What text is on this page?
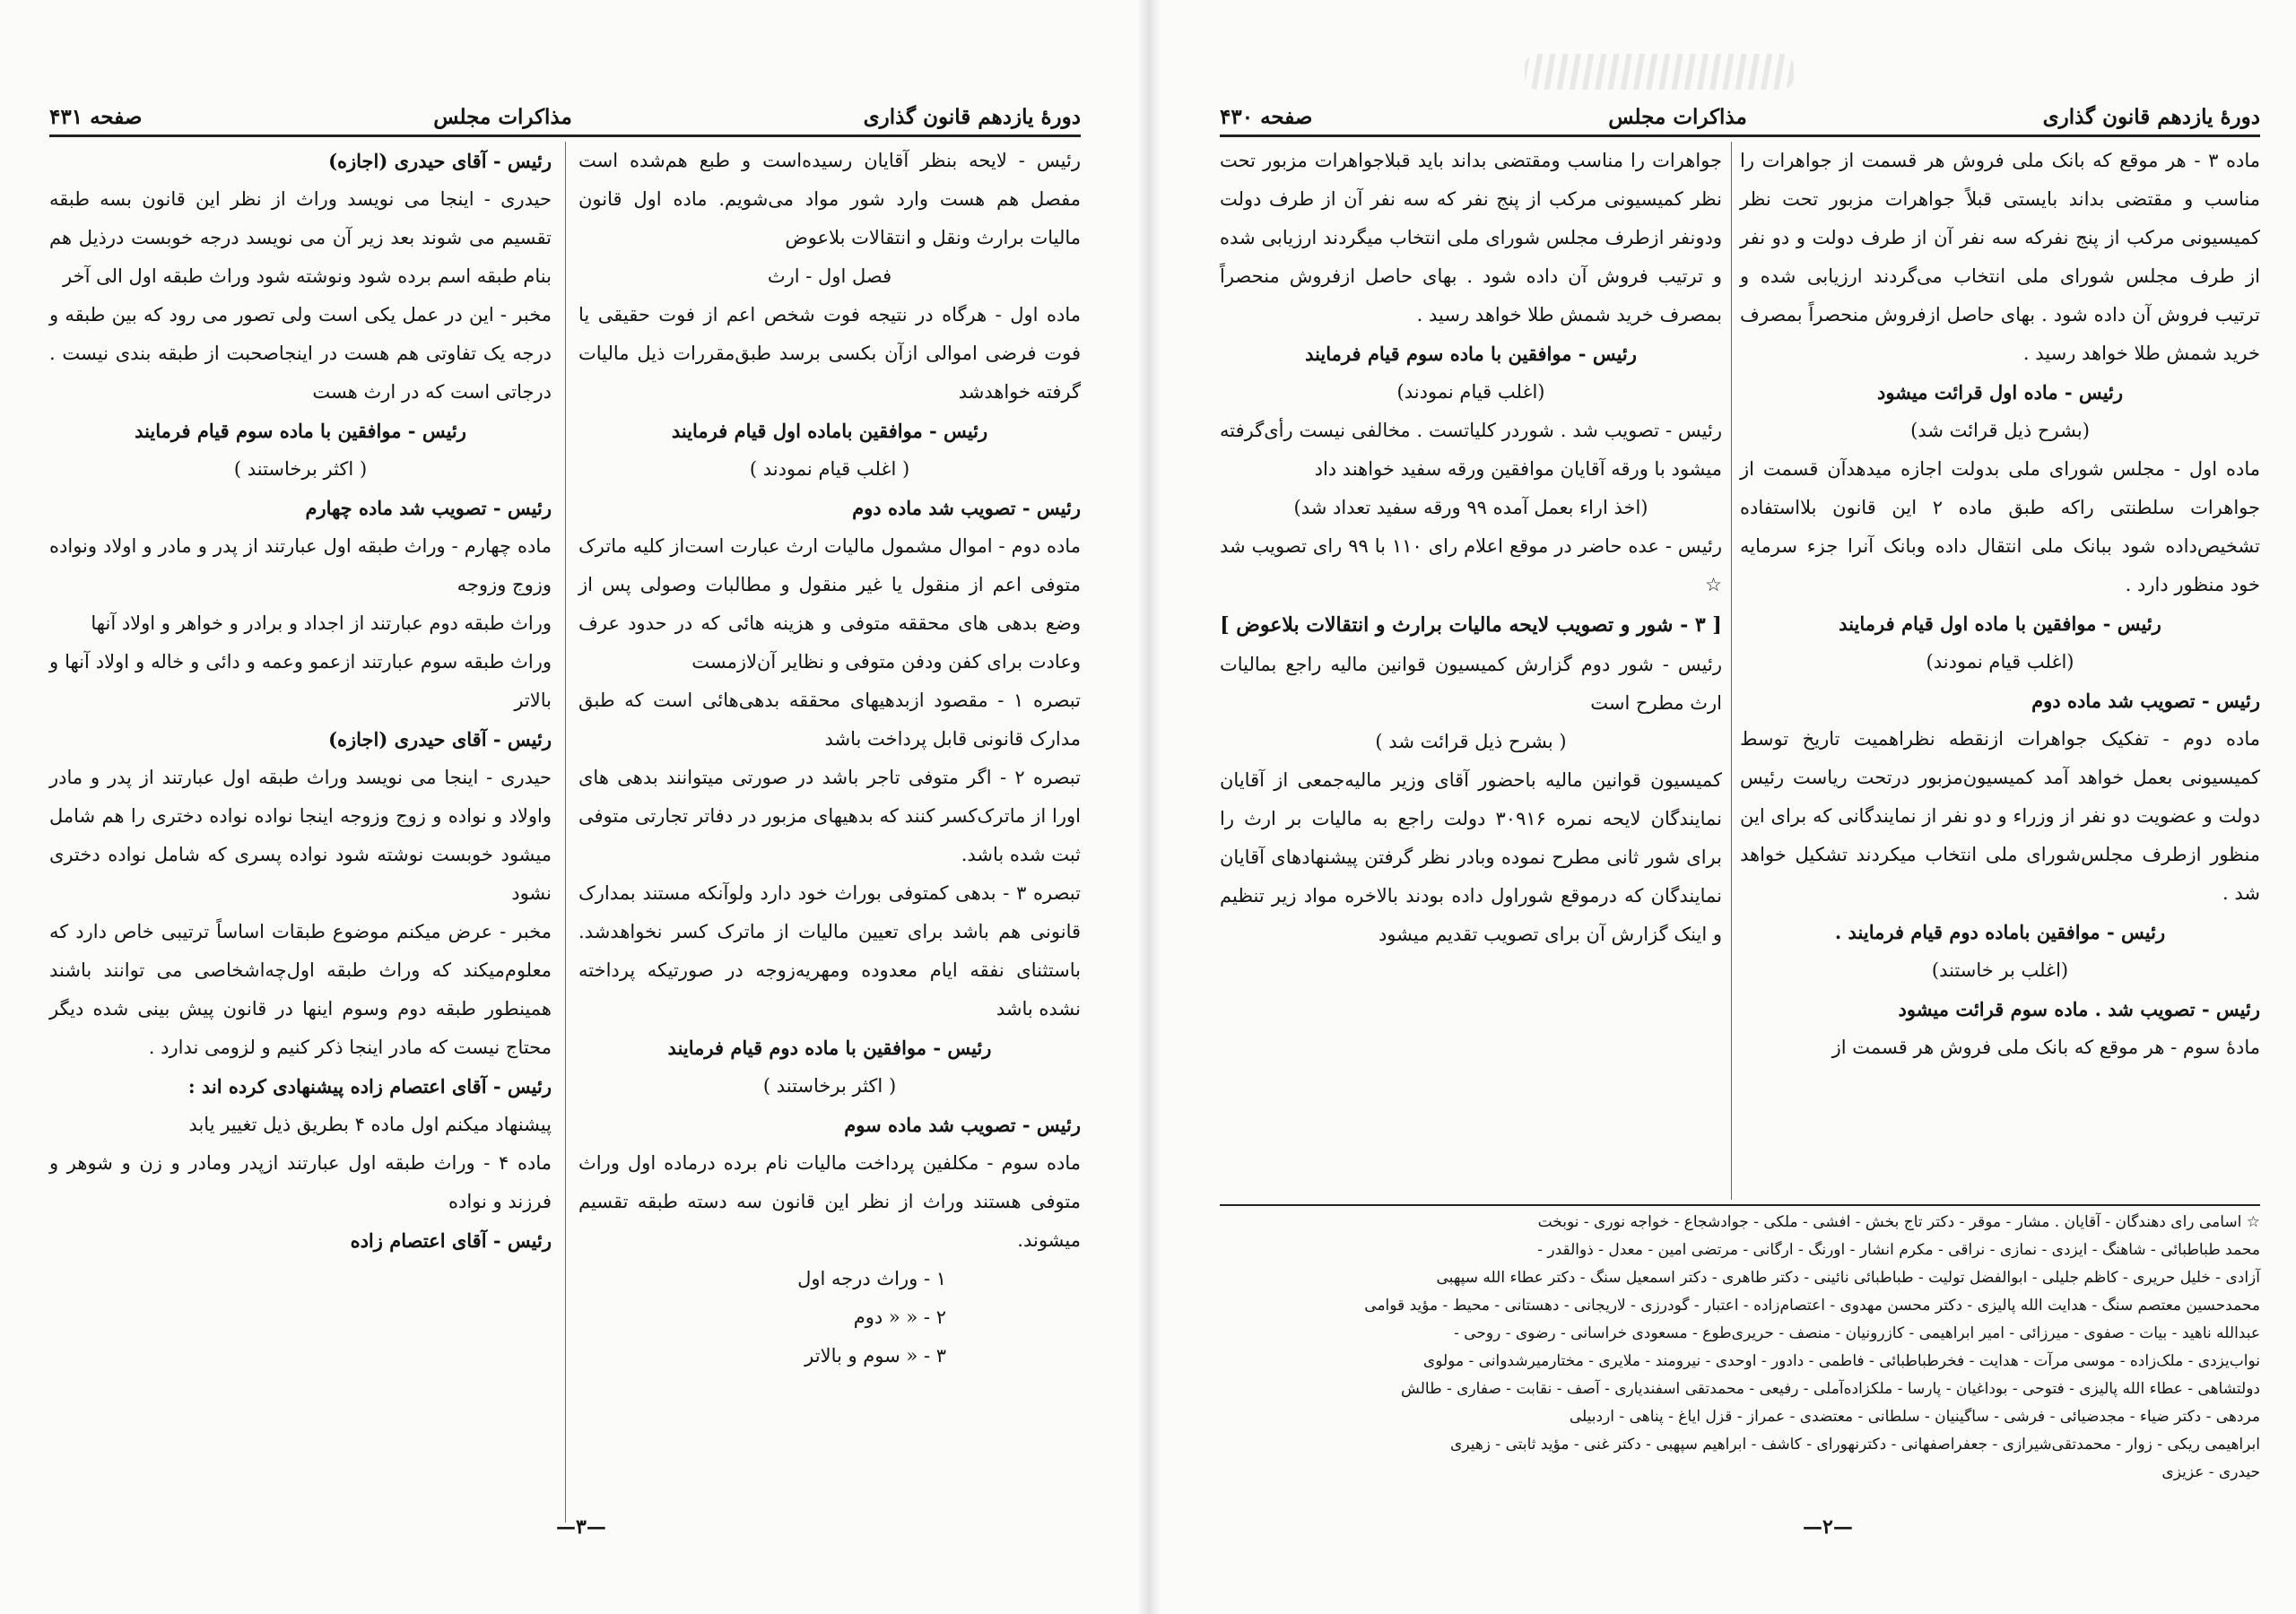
دورهٔ یازدهم قانون گذاری
مذاکرات مجلس
صفحه ۴۳۱

رئیس - لایحه بنظر آقایان رسیده‌است و طبع هم‌شده است مفصل هم هست وارد شور مواد می‌شویم. ماده اول قانون مالیات برارث ونقل و انتقالات بلاعوض

فصل اول - ارث

ماده اول - هرگاه در نتیجه فوت شخص اعم از فوت حقیقی یا فوت فرضی اموالی ازآن بکسی برسد طبق‌مقررات ذیل مالیات گرفته خواهدشد

رئیس - موافقین باماده اول قیام فرمایند

( اغلب قیام نمودند )

رئیس - تصویب شد ماده دوم

ماده دوم - اموال مشمول مالیات ارث عبارت است‌از کلیه ماترک متوفی اعم از منقول یا غیر منقول و مطالبات وصولی پس از وضع بدهی های محققه متوفی و هزینه هائی که در حدود عرف وعادت برای کفن ودفن متوفی و نظایر آن‌لازمست

تبصره ۱ - مقصود ازبدهیهای محققه بدهی‌هائی است که طبق مدارک قانونی قابل پرداخت باشد

تبصره ۲ - اگر متوفی تاجر باشد در صورتی میتوانند بدهی های اورا از ماترک‌کسر کنند که بدهیهای مزبور در دفاتر تجارتی متوفی ثبت شده باشد.

تبصره ۳ - بدهی کمتوفی بوراث خود دارد ولوآنکه مستند بمدارک قانونی هم باشد برای تعیین مالیات از ماترک کسر نخواهدشد. باستثنای نفقه ایام معدوده ومهریه‌زوجه در صورتیکه پرداخته نشده باشد

رئیس - موافقین با ماده دوم قیام فرمایند

( اکثر برخاستند )

رئیس - تصویب شد ماده سوم

ماده سوم - مکلفین پرداخت مالیات نام برده درماده اول وراث متوفی هستند وراث از نظر این قانون سه دسته طبقه تقسیم میشوند.

۱ - وراث درجه اول

۲ - « « دوم

۳ - « سوم و بالاتر

رئیس - آقای حیدری (اجازه)

حیدری - اینجا می نویسد وراث از نظر این قانون بسه طبقه تقسیم می شوند بعد زیر آن می نویسد درجه خوبست درذیل هم بنام طبقه اسم برده شود ونوشته شود وراث طبقه اول الی آخر

مخبر - این در عمل یکی است ولی تصور می رود که بین طبقه و درجه یک تفاوتی هم هست در اینجاصحبت از طبقه بندی نیست . درجاتی است که در ارث هست

رئیس - موافقین با ماده سوم قیام فرمایند

( اکثر برخاستند )

رئیس - تصویب شد ماده چهارم

ماده چهارم - وراث طبقه اول عبارتند از پدر و مادر و اولاد ونواده وزوج وزوجه

وراث طبقه دوم عبارتند از اجداد و برادر و خواهر و اولاد آنها

وراث طبقه سوم عبارتند ازعمو وعمه و دائی و خاله و اولاد آنها و بالاتر

رئیس - آقای حیدری (اجازه)

حیدری - اینجا می نویسد وراث طبقه اول عبارتند از پدر و مادر واولاد و نواده و زوج وزوجه اینجا نواده نواده دختری را هم شامل میشود خوبست نوشته شود نواده پسری که شامل نواده دختری نشود

مخبر - عرض میکنم موضوع طبقات اساساً ترتیبی خاص دارد که معلوم‌میکند که وراث طبقه اول‌چه‌اشخاصی می توانند باشند همینطور طبقه دوم وسوم اینها در قانون پیش بینی شده دیگر محتاج نیست که مادر اینجا ذکر کنیم و لزومی ندارد .

رئیس - آقای اعتصام زاده پیشنهادی کرده اند :

پیشنهاد میکنم اول ماده ۴ بطریق ذیل تغییر یابد

ماده ۴ - وراث طبقه اول عبارتند ازپدر ومادر و زن و شوهر و فرزند و نواده

رئیس - آقای اعتصام زاده

—۳—
دورهٔ یازدهم قانون گذاری
مذاکرات مجلس
صفحه ۴۳۰

ماده ۳ - هر موقع که بانک ملی فروش هر قسمت از جواهرات را مناسب و مقتضی بداند بایستی قبلاً جواهرات مزبور تحت نظر کمیسیونی مرکب از پنج نفرکه سه نفر آن از طرف دولت و دو نفر از طرف مجلس شورای ملی انتخاب می‌گردند ارزیابی شده و ترتیب فروش آن داده شود . بهای حاصل ازفروش منحصراً بمصرف خرید شمش طلا خواهد رسید .

رئیس - ماده اول قرائت میشود

(بشرح ذیل قرائت شد)

ماده اول - مجلس شورای ملی بدولت اجازه میدهدآن قسمت از جواهرات سلطنتی راکه طبق ماده ۲ این قانون بلااستفاده تشخیص‌داده شود ببانک ملی انتقال داده وبانک آنرا جزء سرمایه خود منظور دارد .

رئیس - موافقین با ماده اول قیام فرمایند

(اغلب قیام نمودند)

رئیس - تصویب شد ماده دوم

ماده دوم - تفکیک جواهرات ازنقطه نظراهمیت تاریخ توسط کمیسیونی بعمل خواهد آمد کمیسیون‌مزبور درتحت ریاست رئیس دولت و عضویت دو نفر از وزراء و دو نفر از نمایندگانی که برای این منظور ازطرف مجلس‌شورای ملی انتخاب میکردند تشکیل خواهد شد .

رئیس - موافقین باماده دوم قیام فرمایند .

(اغلب بر خاستند)

رئیس - تصویب شد . ماده سوم قرائت میشود

مادهٔ سوم - هر موقع که بانک ملی فروش هر قسمت از

جواهرات را مناسب ومقتضی بداند باید قبلاجواهرات مزبور تحت نظر کمیسیونی مرکب از پنج نفر که سه نفر آن از طرف دولت ودونفر ازطرف مجلس شورای ملی انتخاب میگردند ارزیابی شده و ترتیب فروش آن داده شود . بهای حاصل ازفروش منحصراً بمصرف خرید شمش طلا خواهد رسید .

رئیس - موافقین با ماده سوم قیام فرمایند

(اغلب قیام نمودند)

رئیس - تصویب شد . شوردر کلیاتست . مخالفی نیست رأی‌گرفته میشود با ورقه آقایان موافقین ورقه سفید خواهند داد

(اخذ اراء بعمل آمده ۹۹ ورقه سفید تعداد شد)

رئیس - عده حاضر در موقع اعلام رای ۱۱۰ با ۹۹ رای تصویب شد ☆

[ ۳ - شور و تصویب لایحه مالیات برارث و انتقالات بلاعوض ]

رئیس - شور دوم گزارش کمیسیون قوانین مالیه راجع بمالیات ارث مطرح است

( بشرح ذیل قرائت شد )

کمیسیون قوانین مالیه باحضور آقای وزیر مالیه‌جمعی از آقایان نمایندگان لایحه نمره ۳۰۹۱۶ دولت راجع به مالیات بر ارث را برای شور ثانی مطرح نموده وبادر نظر گرفتن پیشنهادهای آقایان نمایندگان که درموقع شوراول داده بودند بالاخره مواد زیر تنظیم و اینک گزارش آن برای تصویب تقدیم میشود

☆ اسامی رای دهندگان - آقایان . مشار - موقر - دکتر تاج بخش - افشی - ملکی - جواد‌شجاع - خواجه نوری - نوبخت

محمد طباطبائی - شاهنگ - ایزدی - نمازی - نراقی - مکرم انشار - اورنگ - ارگانی - مرتضی امین - معدل - ذوالقدر -

آزادی - خلیل حریری - کاظم جلیلی - ابوالفضل تولیت - طباطبائی نائینی - دکتر طاهری - دکتر اسمعیل سنگ - دکتر عطاء الله سپهبی

محمدحسین معتصم سنگ - هدایت الله پالیزی - دکتر محسن مهدوی - اعتصام‌زاده - اعتبار - گودرزی - لاریجانی - دهستانی - محیط - مؤید قوامی

عبدالله ناهید - بیات - صفوی - میرزائی - امیر ابراهیمی - کازرونیان - منصف - حریری‌طوع - مسعودی خراسانی - رضوی - روحی -

نواب‌یزدی - ملک‌زاده - موسی مرآت - هدایت - فخرطباطبائی - فاطمی - دادور - اوحدی - نیرومند - ملایری - مختارمیرشدوانی - مولوی

دولتشاهی - عطاء الله پالیزی - فتوحی - بوداغیان - پارسا - ملکزاده‌آملی - رفیعی - محمدتقی اسفندیاری - آصف - نقابت - صفاری - طالش

مرد‌هی - دکتر ضیاء - مجدضیائی - فرشی - ساگینیان - سلطانی - معتضدی - عمراز - قزل ایاغ - پناهی - اردبیلی

ابراهیمی ریکی - زوار - محمدتقی‌شیرازی - جعفراصفهانی - دکتر‌نهورای - کاشف - ابراهیم سپهبی - دکتر غنی - مؤید ثابتی - زهیری

حیدری - عزیزی

—۲—
